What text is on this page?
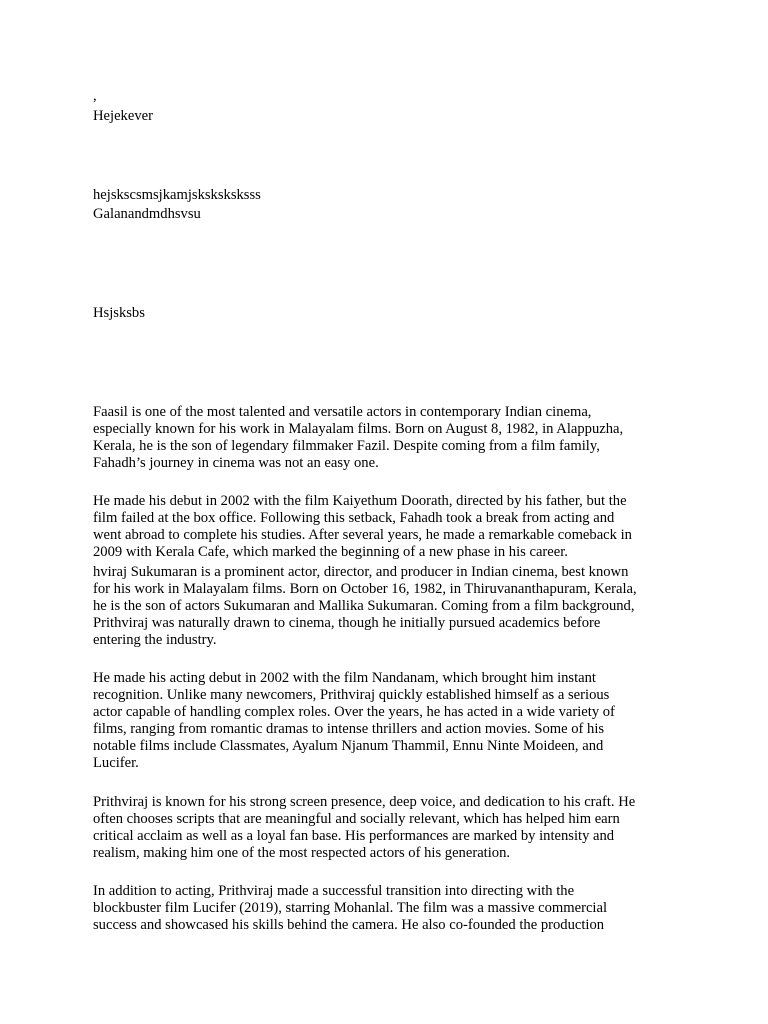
,

Hejekever

hejskscsmsjkamjsksksksksss

Galanandmdhsvsu

Hsjsksbs

Faasil is one of the most talented and versatile actors in contemporary Indian cinema,
especially known for his work in Malayalam films. Born on August 8, 1982, in Alappuzha,
Kerala, he is the son of legendary filmmaker Fazil. Despite coming from a film family,
Fahadh’s journey in cinema was not an easy one.

He made his debut in 2002 with the film Kaiyethum Doorath, directed by his father, but the
film failed at the box office. Following this setback, Fahadh took a break from acting and
went abroad to complete his studies. After several years, he made a remarkable comeback in
2009 with Kerala Cafe, which marked the beginning of a new phase in his career.

hviraj Sukumaran is a prominent actor, director, and producer in Indian cinema, best known
for his work in Malayalam films. Born on October 16, 1982, in Thiruvananthapuram, Kerala,
he is the son of actors Sukumaran and Mallika Sukumaran. Coming from a film background,
Prithviraj was naturally drawn to cinema, though he initially pursued academics before
entering the industry.

He made his acting debut in 2002 with the film Nandanam, which brought him instant
recognition. Unlike many newcomers, Prithviraj quickly established himself as a serious
actor capable of handling complex roles. Over the years, he has acted in a wide variety of
films, ranging from romantic dramas to intense thrillers and action movies. Some of his
notable films include Classmates, Ayalum Njanum Thammil, Ennu Ninte Moideen, and
Lucifer.

Prithviraj is known for his strong screen presence, deep voice, and dedication to his craft. He
often chooses scripts that are meaningful and socially relevant, which has helped him earn
critical acclaim as well as a loyal fan base. His performances are marked by intensity and
realism, making him one of the most respected actors of his generation.

In addition to acting, Prithviraj made a successful transition into directing with the
blockbuster film Lucifer (2019), starring Mohanlal. The film was a massive commercial
success and showcased his skills behind the camera. He also co-founded the production
